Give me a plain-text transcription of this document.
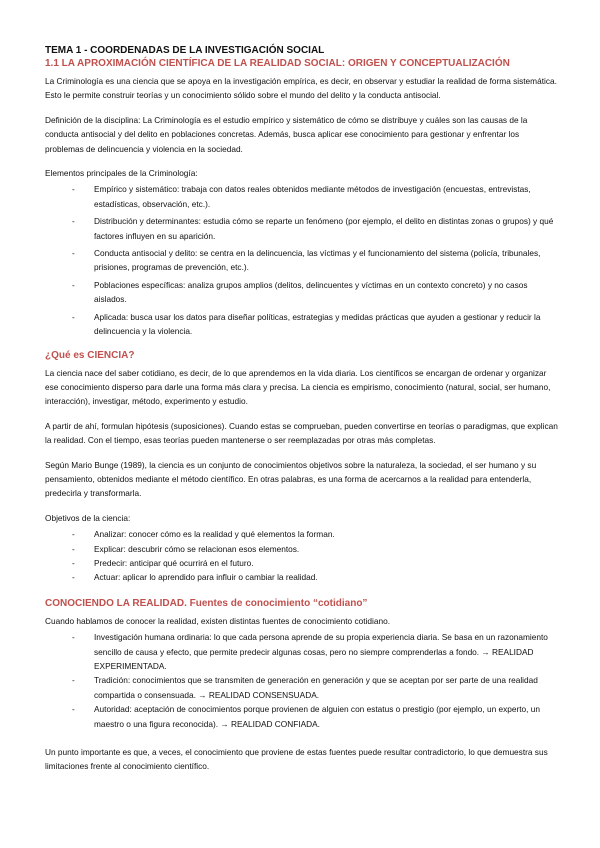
TEMA 1 - COORDENADAS DE LA INVESTIGACIÓN SOCIAL
1.1 LA APROXIMACIÓN CIENTÍFICA DE LA REALIDAD SOCIAL: ORIGEN Y CONCEPTUALIZACIÓN

La Criminología es una ciencia que se apoya en la investigación empírica, es decir, en observar y estudiar la realidad de forma sistemática. Esto le permite construir teorías y un conocimiento sólido sobre el mundo del delito y la conducta antisocial.

Definición de la disciplina: La Criminología es el estudio empírico y sistemático de cómo se distribuye y cuáles son las causas de la conducta antisocial y del delito en poblaciones concretas. Además, busca aplicar ese conocimiento para gestionar y enfrentar los problemas de delincuencia y violencia en la sociedad.

Elementos principales de la Criminología:

- Empírico y sistemático: trabaja con datos reales obtenidos mediante métodos de investigación (encuestas, entrevistas, estadísticas, observación, etc.).
- Distribución y determinantes: estudia cómo se reparte un fenómeno (por ejemplo, el delito en distintas zonas o grupos) y qué factores influyen en su aparición.
- Conducta antisocial y delito: se centra en la delincuencia, las víctimas y el funcionamiento del sistema (policía, tribunales, prisiones, programas de prevención, etc.).
- Poblaciones específicas: analiza grupos amplios (delitos, delincuentes y víctimas en un contexto concreto) y no casos aislados.
- Aplicada: busca usar los datos para diseñar políticas, estrategias y medidas prácticas que ayuden a gestionar y reducir la delincuencia y la violencia.
¿Qué es CIENCIA?

La ciencia nace del saber cotidiano, es decir, de lo que aprendemos en la vida diaria. Los científicos se encargan de ordenar y organizar ese conocimiento disperso para darle una forma más clara y precisa. La ciencia es empirismo, conocimiento (natural, social, ser humano, interacción), investigar, método, experimento y estudio.

A partir de ahí, formulan hipótesis (suposiciones). Cuando estas se comprueban, pueden convertirse en teorías o paradigmas, que explican la realidad. Con el tiempo, esas teorías pueden mantenerse o ser reemplazadas por otras más completas.

Según Mario Bunge (1989), la ciencia es un conjunto de conocimientos objetivos sobre la naturaleza, la sociedad, el ser humano y su pensamiento, obtenidos mediante el método científico. En otras palabras, es una forma de acercarnos a la realidad para entenderla, predecirla y transformarla.

Objetivos de la ciencia:

- Analizar: conocer cómo es la realidad y qué elementos la forman.
- Explicar: descubrir cómo se relacionan esos elementos.
- Predecir: anticipar qué ocurrirá en el futuro.
- Actuar: aplicar lo aprendido para influir o cambiar la realidad.
CONOCIENDO LA REALIDAD. Fuentes de conocimiento “cotidiano”

Cuando hablamos de conocer la realidad, existen distintas fuentes de conocimiento cotidiano.

- Investigación humana ordinaria: lo que cada persona aprende de su propia experiencia diaria. Se basa en un razonamiento sencillo de causa y efecto, que permite predecir algunas cosas, pero no siempre comprenderlas a fondo. → REALIDAD EXPERIMENTADA.
- Tradición: conocimientos que se transmiten de generación en generación y que se aceptan por ser parte de una realidad compartida o consensuada. → REALIDAD CONSENSUADA.
- Autoridad: aceptación de conocimientos porque provienen de alguien con estatus o prestigio (por ejemplo, un experto, un maestro o una figura reconocida). → REALIDAD CONFIADA.

Un punto importante es que, a veces, el conocimiento que proviene de estas fuentes puede resultar contradictorio, lo que demuestra sus limitaciones frente al conocimiento científico.
